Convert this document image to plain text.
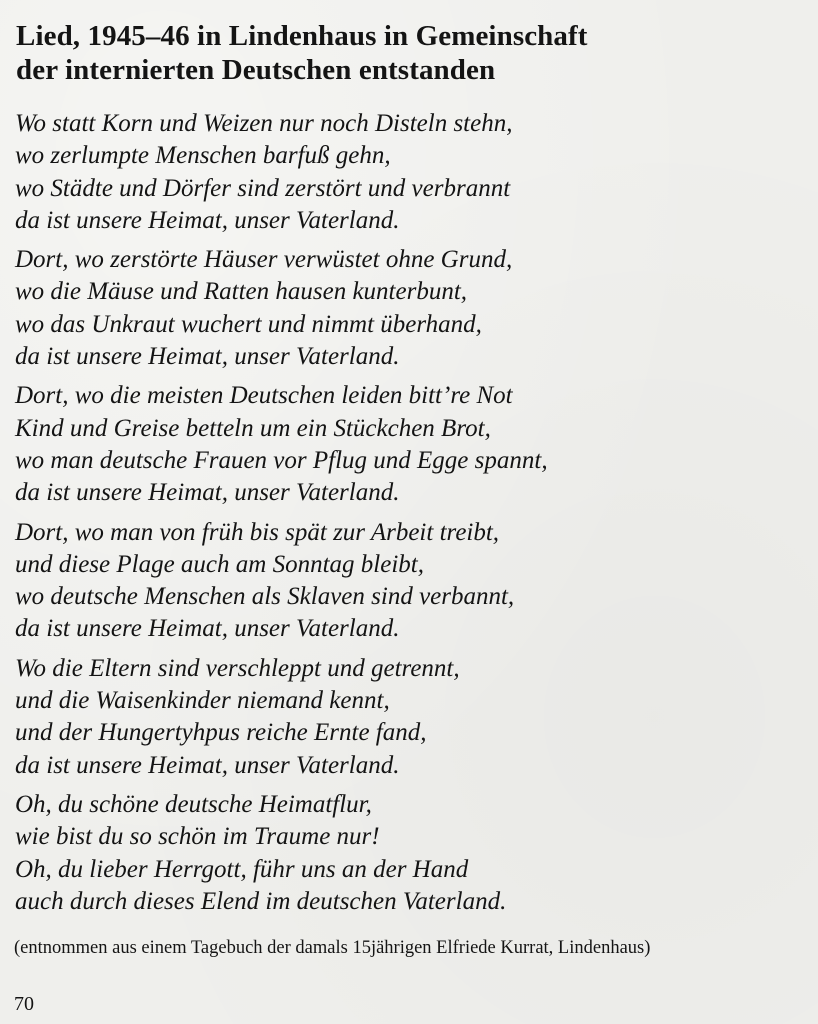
Lied, 1945–46 in Lindenhaus in Gemeinschaft
der internierten Deutschen entstanden
Wo statt Korn und Weizen nur noch Disteln stehn,
wo zerlumpte Menschen barfuß gehn,
wo Städte und Dörfer sind zerstört und verbrannt
da ist unsere Heimat, unser Vaterland.
Dort, wo zerstörte Häuser verwüstet ohne Grund,
wo die Mäuse und Ratten hausen kunterbunt,
wo das Unkraut wuchert und nimmt überhand,
da ist unsere Heimat, unser Vaterland.
Dort, wo die meisten Deutschen leiden bitt’re Not
Kind und Greise betteln um ein Stückchen Brot,
wo man deutsche Frauen vor Pflug und Egge spannt,
da ist unsere Heimat, unser Vaterland.
Dort, wo man von früh bis spät zur Arbeit treibt,
und diese Plage auch am Sonntag bleibt,
wo deutsche Menschen als Sklaven sind verbannt,
da ist unsere Heimat, unser Vaterland.
Wo die Eltern sind verschleppt und getrennt,
und die Waisenkinder niemand kennt,
und der Hungertyhpus reiche Ernte fand,
da ist unsere Heimat, unser Vaterland.
Oh, du schöne deutsche Heimatflur,
wie bist du so schön im Traume nur!
Oh, du lieber Herrgott, führ uns an der Hand
auch durch dieses Elend im deutschen Vaterland.
(entnommen aus einem Tagebuch der damals 15jährigen Elfriede Kurrat, Lindenhaus)
70
